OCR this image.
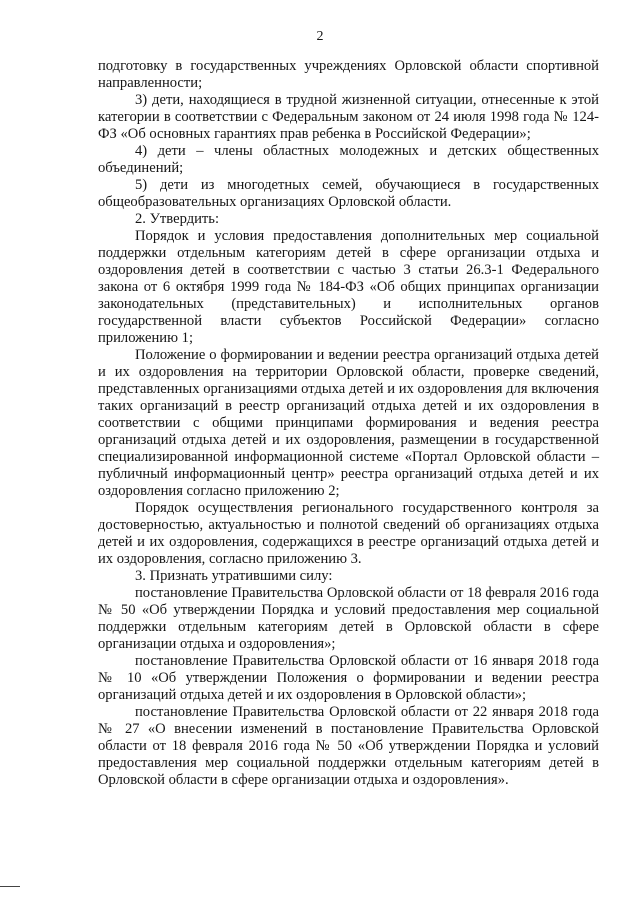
2

подготовку в государственных учреждениях Орловской области спортивной направленности;

3) дети, находящиеся в трудной жизненной ситуации, отнесенные к этой категории в соответствии с Федеральным законом от 24 июля 1998 года № 124-ФЗ «Об основных гарантиях прав ребенка в Российской Федерации»;

4) дети – члены областных молодежных и детских общественных объединений;

5) дети из многодетных семей, обучающиеся в государственных общеобразовательных организациях Орловской области.

2. Утвердить:

Порядок и условия предоставления дополнительных мер социальной поддержки отдельным категориям детей в сфере организации отдыха и оздоровления детей в соответствии с частью 3 статьи 26.3-1 Федерального закона от 6 октября 1999 года № 184-ФЗ «Об общих принципах организации законодательных (представительных) и исполнительных органов государственной власти субъектов Российской Федерации» согласно приложению 1;

Положение о формировании и ведении реестра организаций отдыха детей и их оздоровления на территории Орловской области, проверке сведений, представленных организациями отдыха детей и их оздоровления для включения таких организаций в реестр организаций отдыха детей и их оздоровления в соответствии с общими принципами формирования и ведения реестра организаций отдыха детей и их оздоровления, размещении в государственной специализированной информационной системе «Портал Орловской области – публичный информационный центр» реестра организаций отдыха детей и их оздоровления согласно приложению 2;

Порядок осуществления регионального государственного контроля за достоверностью, актуальностью и полнотой сведений об организациях отдыха детей и их оздоровления, содержащихся в реестре организаций отдыха детей и их оздоровления, согласно приложению 3.

3. Признать утратившими силу:

постановление Правительства Орловской области от 18 февраля 2016 года № 50 «Об утверждении Порядка и условий предоставления мер социальной поддержки отдельным категориям детей в Орловской области в сфере организации отдыха и оздоровления»;

постановление Правительства Орловской области от 16 января 2018 года № 10 «Об утверждении Положения о формировании и ведении реестра организаций отдыха детей и их оздоровления в Орловской области»;

постановление Правительства Орловской области от 22 января 2018 года № 27 «О внесении изменений в постановление Правительства Орловской области от 18 февраля 2016 года № 50 «Об утверждении Порядка и условий предоставления мер социальной поддержки отдельным категориям детей в Орловской области в сфере организации отдыха и оздоровления».
